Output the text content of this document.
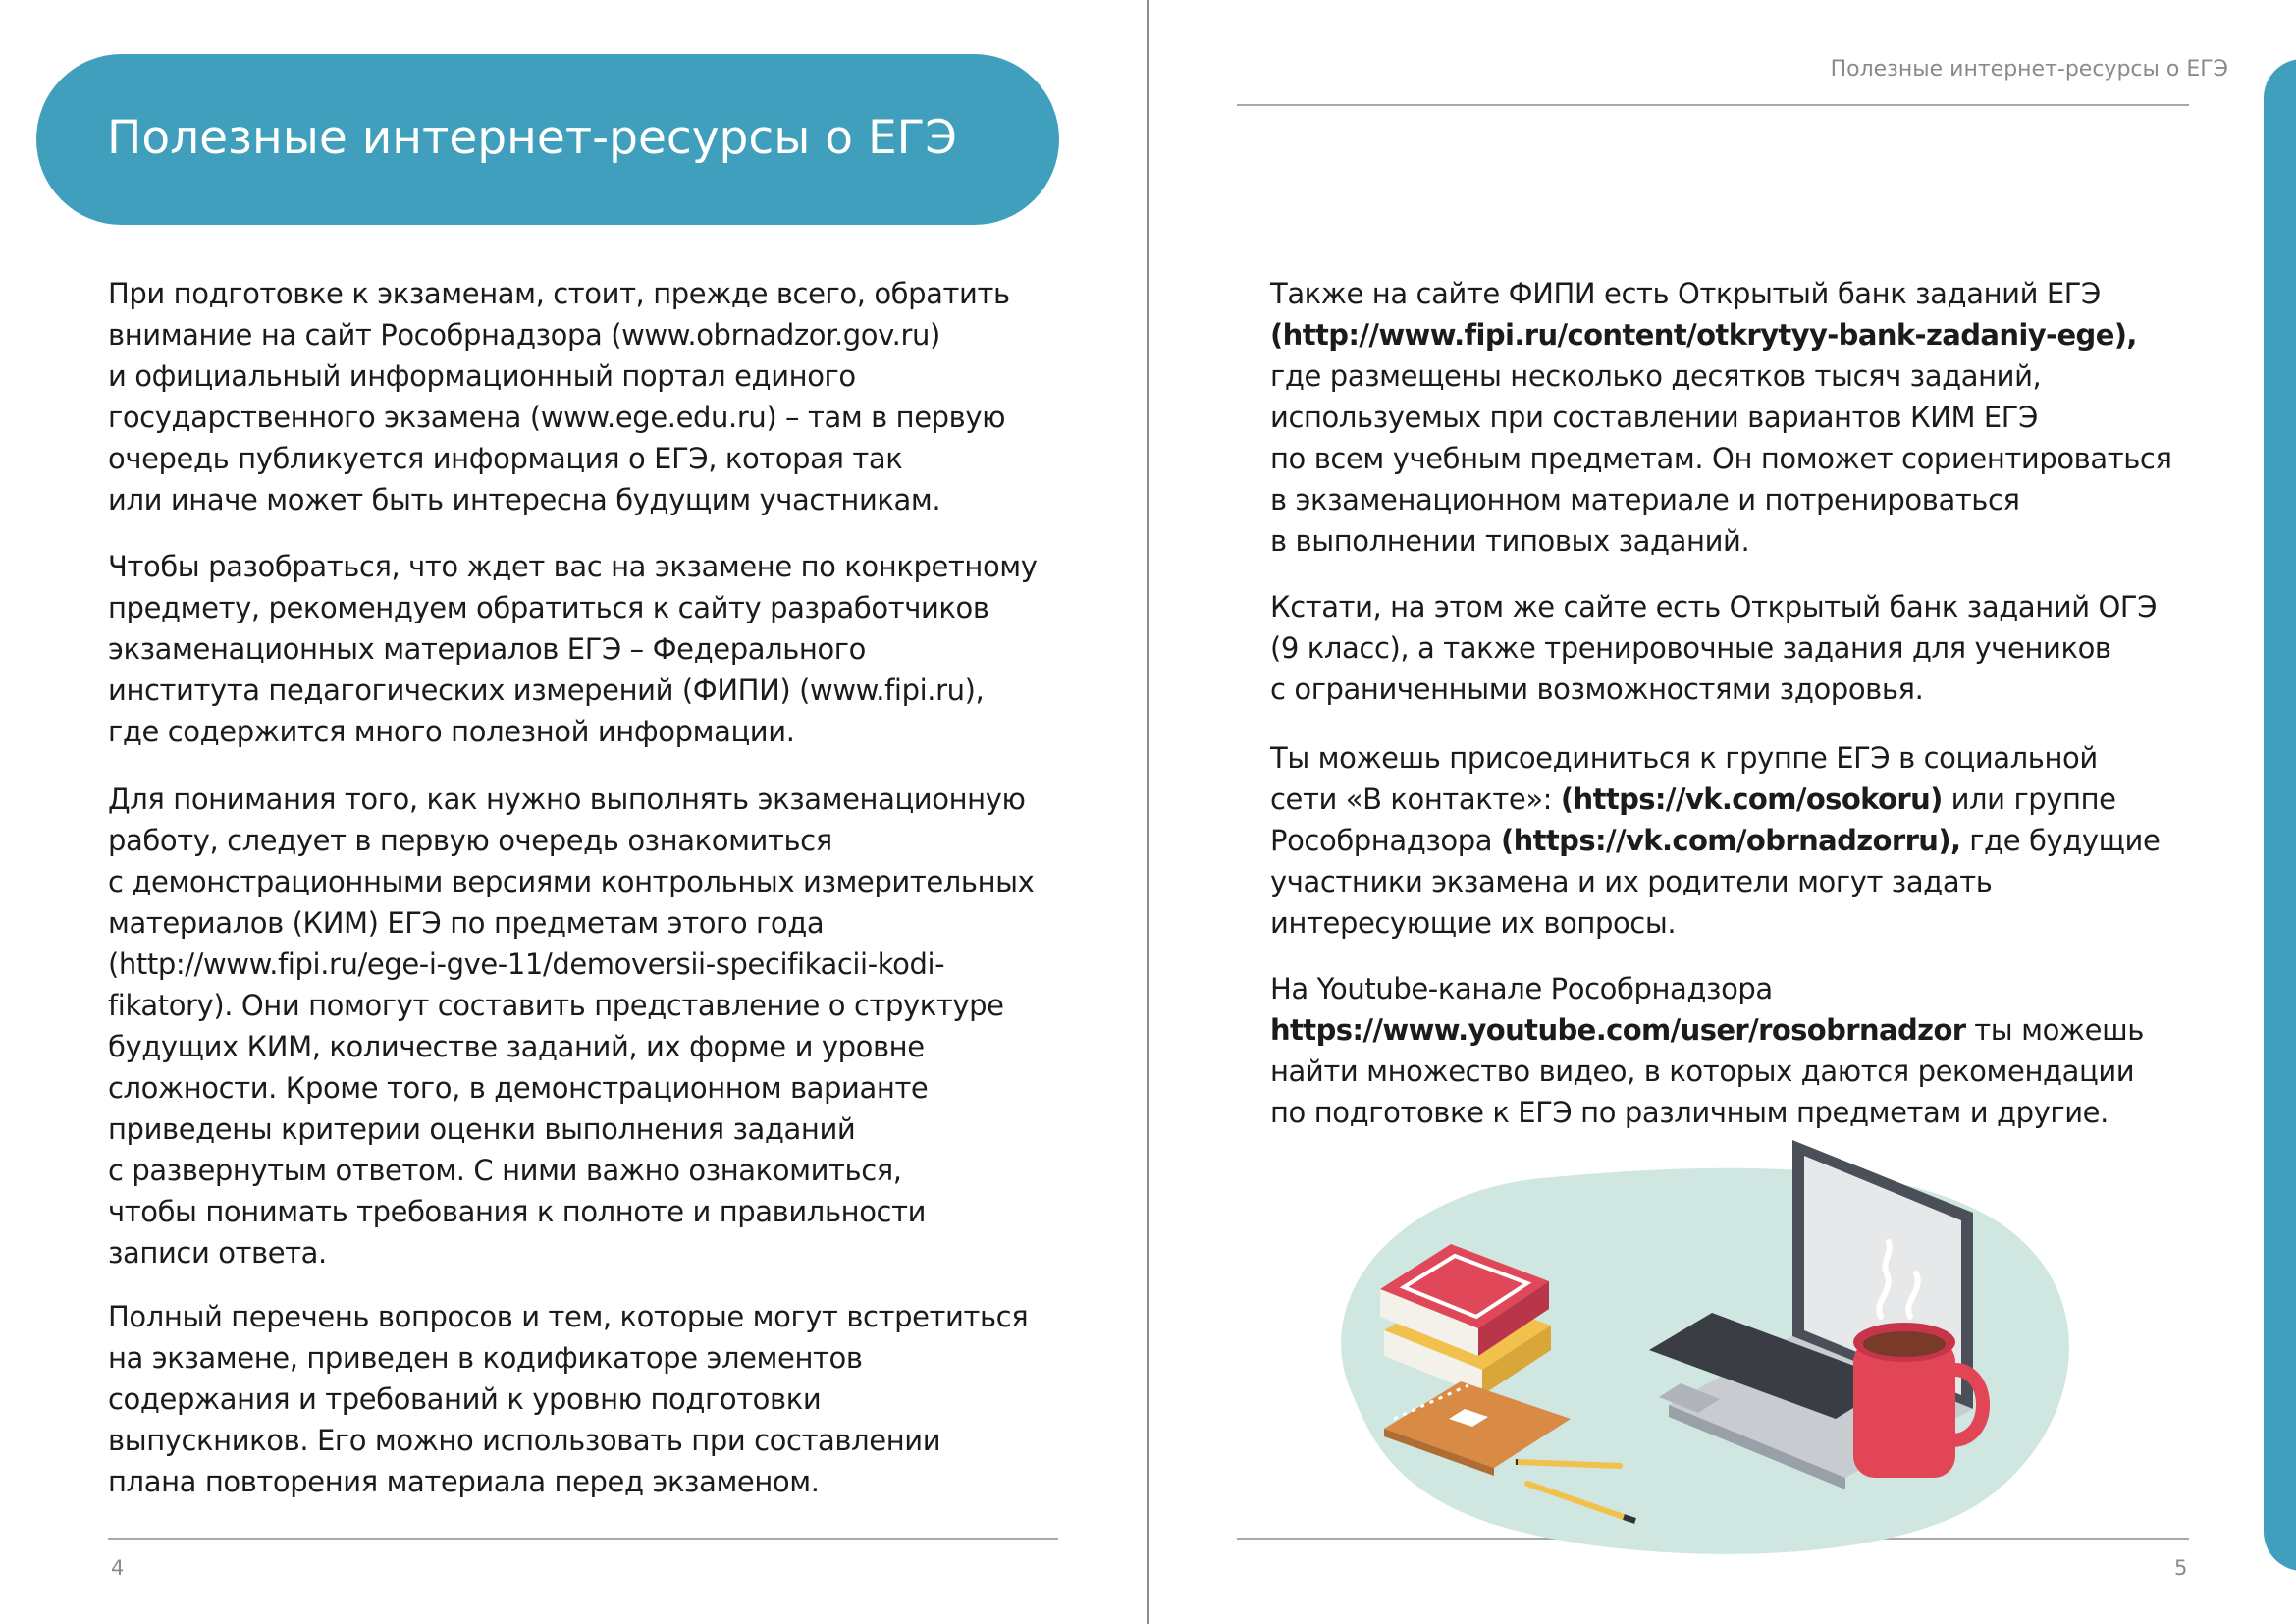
Полезные интернет-ресурсы о ЕГЭ
При подготовке к экзаменам, стоит, прежде всего, обратить
внимание на сайт Рособрнадзора (www.obrnadzor.gov.ru)
и официальный информационный портал единого
государственного экзамена (www.ege.edu.ru) – там в первую
очередь публикуется информация о ЕГЭ, которая так
или иначе может быть интересна будущим участникам.
Чтобы разобраться, что ждет вас на экзамене по конкретному
предмету, рекомендуем обратиться к сайту разработчиков
экзаменационных материалов ЕГЭ – Федерального
института педагогических измерений (ФИПИ) (www.fipi.ru),
где содержится много полезной информации.
Для понимания того, как нужно выполнять экзаменационную
работу, следует в первую очередь ознакомиться
с демонстрационными версиями контрольных измерительных
материалов (КИМ) ЕГЭ по предметам этого года
(http://www.fipi.ru/ege-i-gve-11/demoversii-specifikacii-kodi-
fikatory). Они помогут составить представление о структуре
будущих КИМ, количестве заданий, их форме и уровне
сложности. Кроме того, в демонстрационном варианте
приведены критерии оценки выполнения заданий
с развернутым ответом. С ними важно ознакомиться,
чтобы понимать требования к полноте и правильности
записи ответа.
Полный перечень вопросов и тем, которые могут встретиться
на экзамене, приведен в кодификаторе элементов
содержания и требований к уровню подготовки
выпускников. Его можно использовать при составлении
плана повторения материала перед экзаменом.
4
Полезные интернет-ресурсы о ЕГЭ
Также на сайте ФИПИ есть Открытый банк заданий ЕГЭ
(http://www.fipi.ru/content/otkrytyy-bank-zadaniy-ege),
где размещены несколько десятков тысяч заданий,
используемых при составлении вариантов КИМ ЕГЭ
по всем учебным предметам. Он поможет сориентироваться
в экзаменационном материале и потренироваться
в выполнении типовых заданий.
Кстати, на этом же сайте есть Открытый банк заданий ОГЭ
(9 класс), а также тренировочные задания для учеников
с ограниченными возможностями здоровья.
Ты можешь присоединиться к группе ЕГЭ в социальной
сети «В контакте»: (https://vk.com/osokoru) или группе
Рособрнадзора (https://vk.com/obrnadzorru), где будущие
участники экзамена и их родители могут задать
интересующие их вопросы.
На Youtube-канале Рособрнадзора
https://www.youtube.com/user/rosobrnadzor ты можешь
найти множество видео, в которых даются рекомендации
по подготовке к ЕГЭ по различным предметам и другие.
5
